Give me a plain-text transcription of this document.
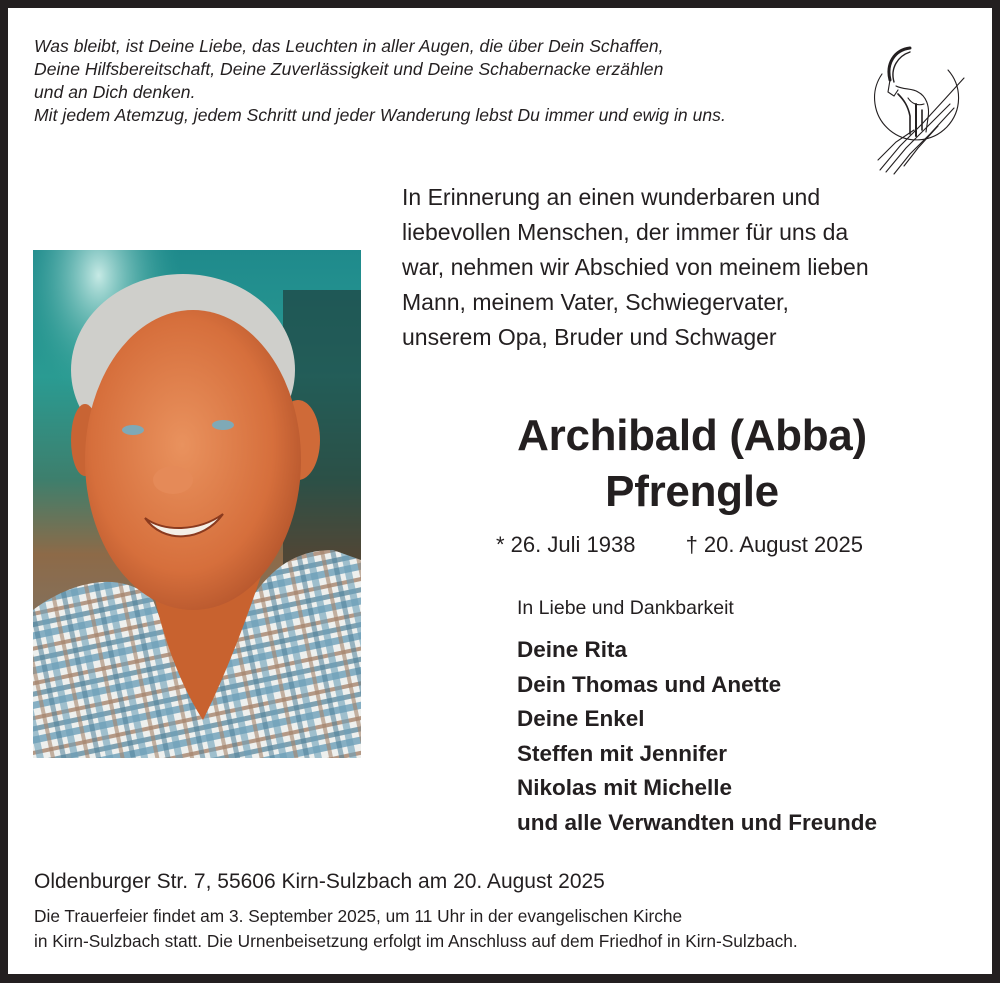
Was bleibt, ist Deine Liebe, das Leuchten in aller Augen, die über Dein Schaffen,
Deine Hilfsbereitschaft, Deine Zuverlässigkeit und Deine Schabernacke erzählen
und an Dich denken.
Mit jedem Atemzug, jedem Schritt und jeder Wanderung lebst Du immer und ewig in uns.
In Erinnerung an einen wunderbaren und
liebevollen Menschen, der immer für uns da
war, nehmen wir Abschied von meinem lieben
Mann, meinem Vater, Schwiegervater,
unserem Opa, Bruder und Schwager
Archibald (Abba)
Pfrengle
* 26. Juli 1938 † 20. August 2025
In Liebe und Dankbarkeit
Deine Rita
Dein Thomas und Anette
Deine Enkel
Steffen mit Jennifer
Nikolas mit Michelle
und alle Verwandten und Freunde
Oldenburger Str. 7, 55606 Kirn-Sulzbach am 20. August 2025
Die Trauerfeier findet am 3. September 2025, um 11 Uhr in der evangelischen Kirche
in Kirn-Sulzbach statt. Die Urnenbeisetzung erfolgt im Anschluss auf dem Friedhof in Kirn-Sulzbach.
